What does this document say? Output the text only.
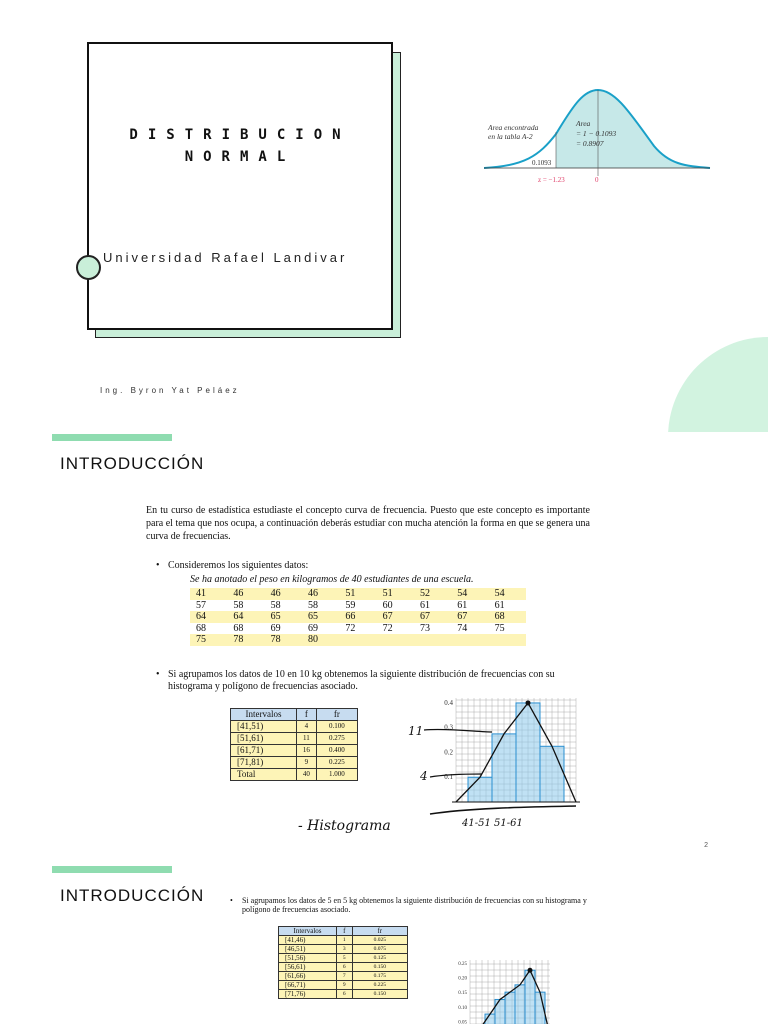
DISTRIBUCION
NORMAL
Universidad Rafael Landivar
Ing. Byron Yat Peláez
Area encontrada
en la tabla A-2
Area
= 1 − 0.1093
= 0.8907
0.1093
z = −1.23	0
INTRODUCCIÓN

En tu curso de estadística estudiaste el concepto curva de frecuencia. Puesto que este concepto es importante para el tema que nos ocupa, a continuación deberás estudiar con mucha atención la forma en que se genera una curva de frecuencias.

• Consideremos los siguientes datos:
Se ha anotado el peso en kilogramos de 40 estudiantes de una escuela.
41	46	46	46	51	51	52	54	54
57	58	58	58	59	60	61	61	61
64	64	65	65	66	67	67	67	68
68	68	69	69	72	72	73	74	75
75	78	78	80					
• Si agrupamos los datos de 10 en 10 kg obtenemos la siguiente distribución de frecuencias con su histograma y polígono de frecuencias asociado.
Intervalos	f	fr
[41,51)	4	0.100
[51,61)	11	0.275
[61,71)	16	0.400
[71,81)	9	0.225
Total	40	1.000
0.4
0.3
0.2
0.1
11
4
- Histograma	41-51 51-61
2
INTRODUCCIÓN	•	Si agrupamos los datos de 5 en 5 kg obtenemos la siguiente distribución de frecuencias con su histograma y polígono de frecuencias asociado.
Intervalos	f	fr
[41,46)	1	0.025
[46,51)	3	0.075
[51,56)	5	0.125
[56,61)	6	0.150
[61,66)	7	0.175
[66,71)	9	0.225
[71,76)	6	0.150
0.25
0.20
0.15
0.10
0.05
